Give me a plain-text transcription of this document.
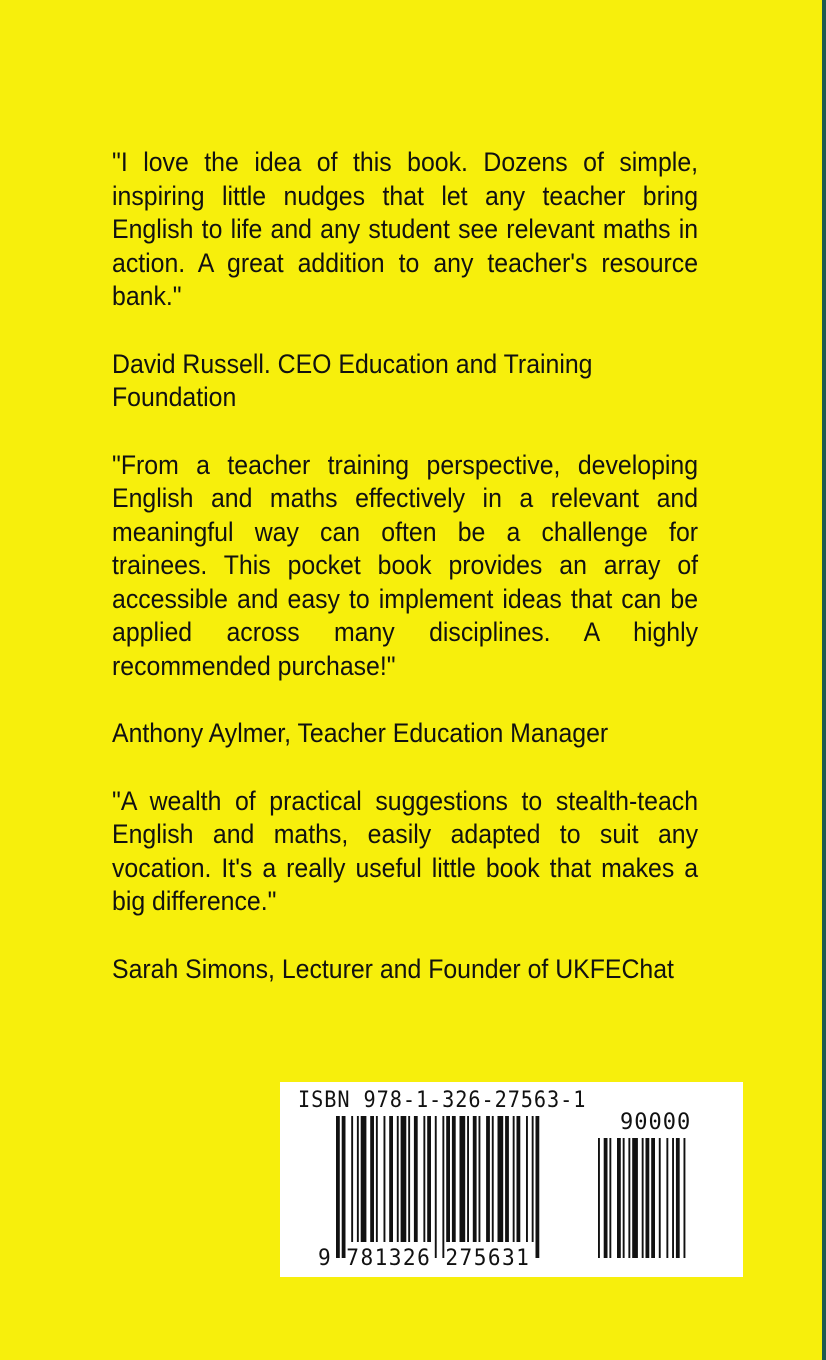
"I love the idea of this book. Dozens of simple, inspiring little nudges that let any teacher bring English to life and any student see relevant maths in action. A great addition to any teacher's resource bank."

David Russell. CEO Education and Training
Foundation

"From a teacher training perspective, developing English and maths effectively in a relevant and meaningful way can often be a challenge for trainees. This pocket book provides an array of accessible and easy to implement ideas that can be applied across many disciplines. A highly recommended purchase!"

Anthony Aylmer, Teacher Education Manager

"A wealth of practical suggestions to stealth-teach English and maths, easily adapted to suit any vocation. It's a really useful little book that makes a big difference."

Sarah Simons, Lecturer and Founder of UKFEChat

ISBN 978-1-326-27563-1
90000
9 781326 275631
